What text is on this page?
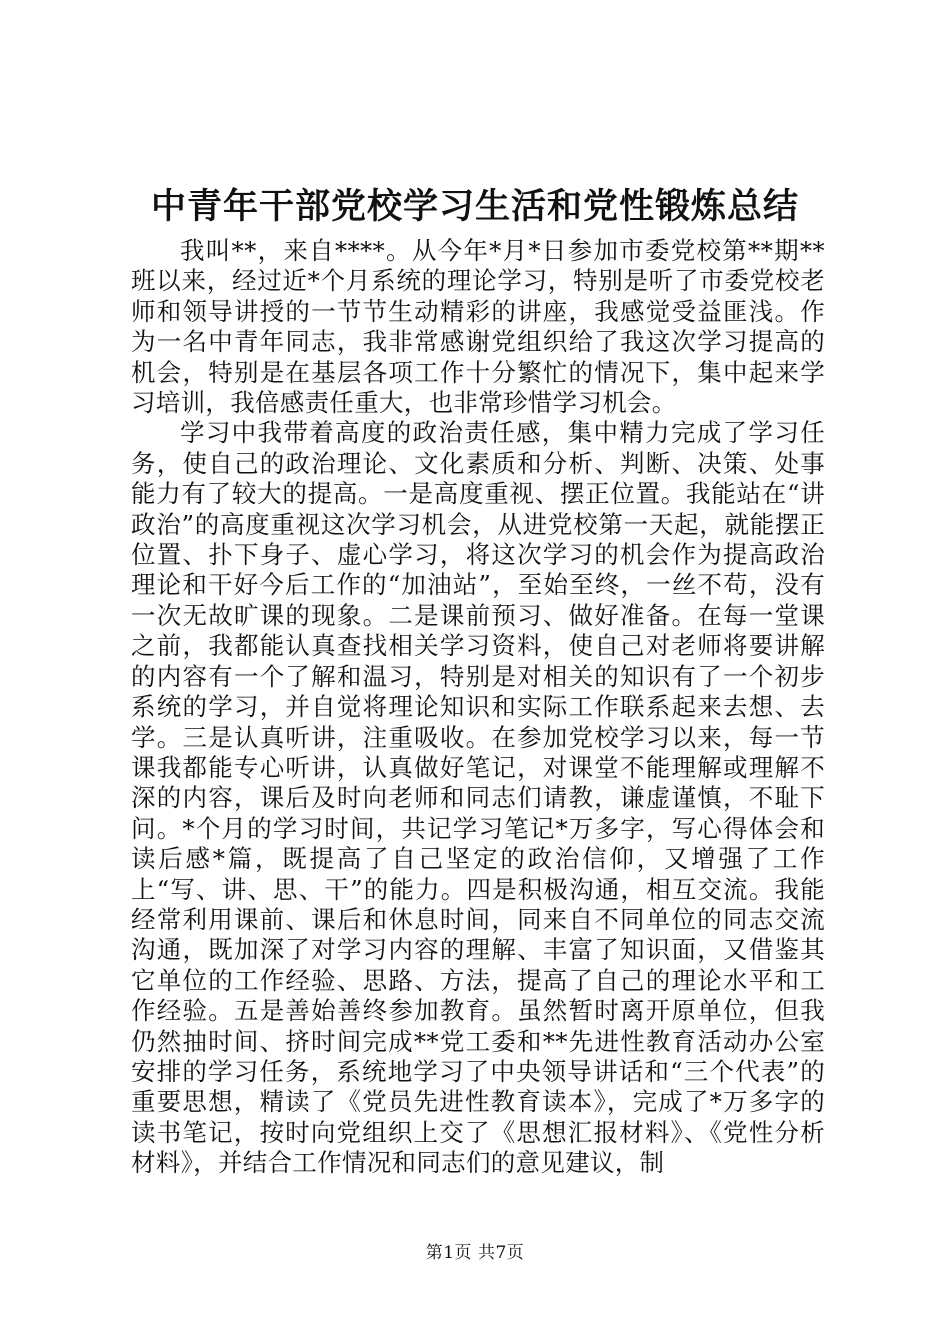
中青年干部党校学习生活和党性锻炼总结

我叫**，来自****。从今年*月*日参加市委党校第**期**班以来，经过近*个月系统的理论学习，特别是听了市委党校老师和领导讲授的一节节生动精彩的讲座，我感觉受益匪浅。作为一名中青年同志，我非常感谢党组织给了我这次学习提高的机会，特别是在基层各项工作十分繁忙的情况下，集中起来学习培训，我倍感责任重大，也非常珍惜学习机会。

学习中我带着高度的政治责任感，集中精力完成了学习任务，使自己的政治理论、文化素质和分析、判断、决策、处事能力有了较大的提高。一是高度重视、摆正位置。我能站在“讲政治”的高度重视这次学习机会，从进党校第一天起，就能摆正位置、扑下身子、虚心学习，将这次学习的机会作为提高政治理论和干好今后工作的“加油站”，至始至终，一丝不苟，没有一次无故旷课的现象。二是课前预习、做好准备。在每一堂课之前，我都能认真查找相关学习资料，使自己对老师将要讲解的内容有一个了解和温习，特别是对相关的知识有了一个初步系统的学习，并自觉将理论知识和实际工作联系起来去想、去学。三是认真听讲，注重吸收。在参加党校学习以来，每一节课我都能专心听讲，认真做好笔记，对课堂不能理解或理解不深的内容，课后及时向老师和同志们请教，谦虚谨慎，不耻下问。*个月的学习时间，共记学习笔记*万多字，写心得体会和读后感*篇，既提高了自己坚定的政治信仰，又增强了工作上“写、讲、思、干”的能力。四是积极沟通，相互交流。我能经常利用课前、课后和休息时间，同来自不同单位的同志交流沟通，既加深了对学习内容的理解、丰富了知识面，又借鉴其它单位的工作经验、思路、方法，提高了自己的理论水平和工作经验。五是善始善终参加教育。虽然暂时离开原单位，但我仍然抽时间、挤时间完成**党工委和**先进性教育活动办公室安排的学习任务，系统地学习了中央领导讲话和“三个代表”的重要思想，精读了《党员先进性教育读本》，完成了*万多字的读书笔记，按时向党组织上交了《思想汇报材料》、《党性分析材料》，并结合工作情况和同志们的意见建议，制

第1页 共7页
